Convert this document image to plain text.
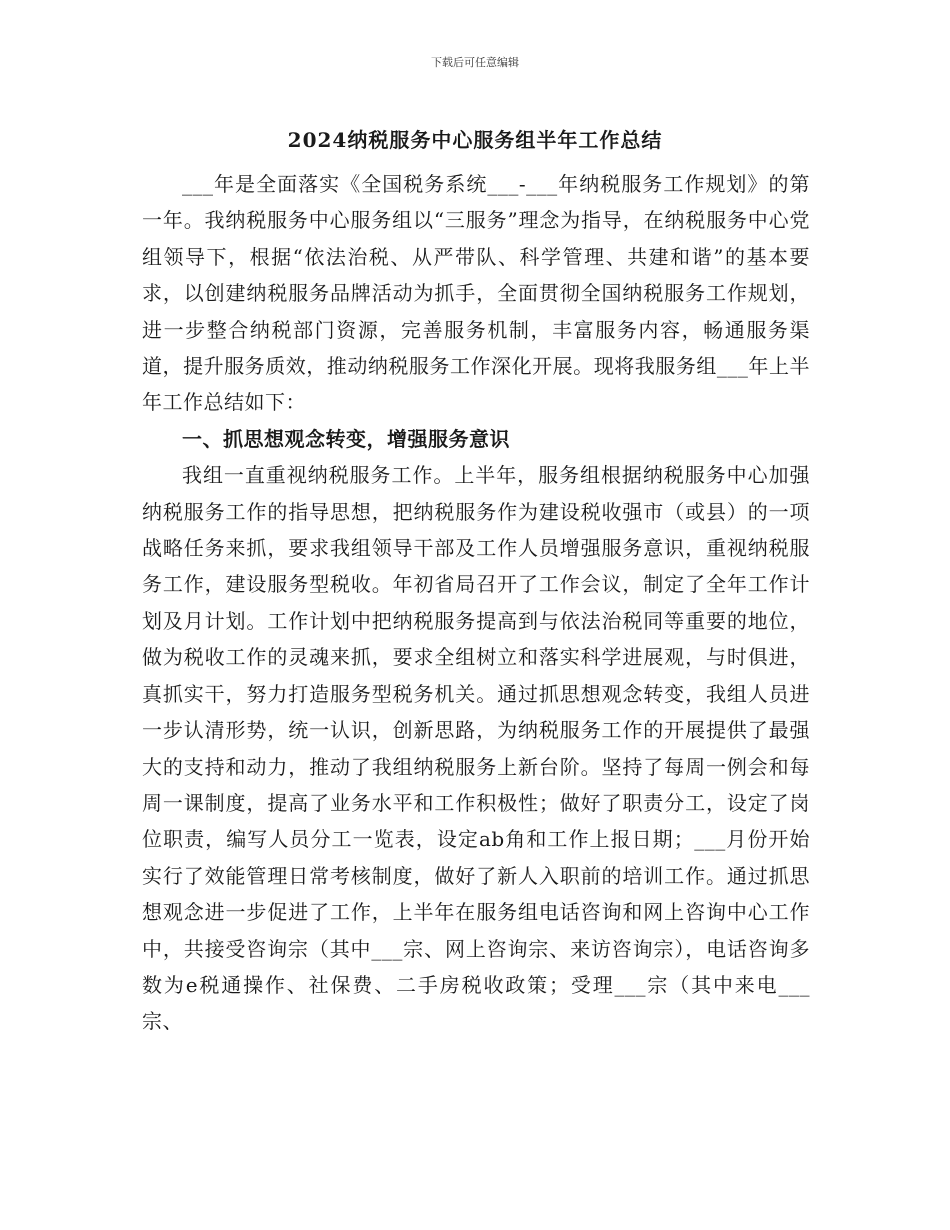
下载后可任意编辑
2024纳税服务中心服务组半年工作总结

___年是全面落实《全国税务系统___-___年纳税服务工作规划》的第一年。我纳税服务中心服务组以“三服务”理念为指导，在纳税服务中心党组领导下，根据“依法治税、从严带队、科学管理、共建和谐”的基本要求，以创建纳税服务品牌活动为抓手，全面贯彻全国纳税服务工作规划，进一步整合纳税部门资源，完善服务机制，丰富服务内容，畅通服务渠道，提升服务质效，推动纳税服务工作深化开展。现将我服务组___年上半年工作总结如下：

一、抓思想观念转变，增强服务意识

我组一直重视纳税服务工作。上半年，服务组根据纳税服务中心加强纳税服务工作的指导思想，把纳税服务作为建设税收强市（或县）的一项战略任务来抓，要求我组领导干部及工作人员增强服务意识，重视纳税服务工作，建设服务型税收。年初省局召开了工作会议，制定了全年工作计划及月计划。工作计划中把纳税服务提高到与依法治税同等重要的地位，做为税收工作的灵魂来抓，要求全组树立和落实科学进展观，与时俱进，真抓实干，努力打造服务型税务机关。通过抓思想观念转变，我组人员进一步认清形势，统一认识，创新思路，为纳税服务工作的开展提供了最强大的支持和动力，推动了我组纳税服务上新台阶。坚持了每周一例会和每周一课制度，提高了业务水平和工作积极性；做好了职责分工，设定了岗位职责，编写人员分工一览表，设定ab角和工作上报日期；___月份开始实行了效能管理日常考核制度，做好了新人入职前的培训工作。通过抓思想观念进一步促进了工作，上半年在服务组电话咨询和网上咨询中心工作中，共接受咨询宗（其中___宗、网上咨询宗、来访咨询宗），电话咨询多数为e税通操作、社保费、二手房税收政策；受理___宗（其中来电___宗、
